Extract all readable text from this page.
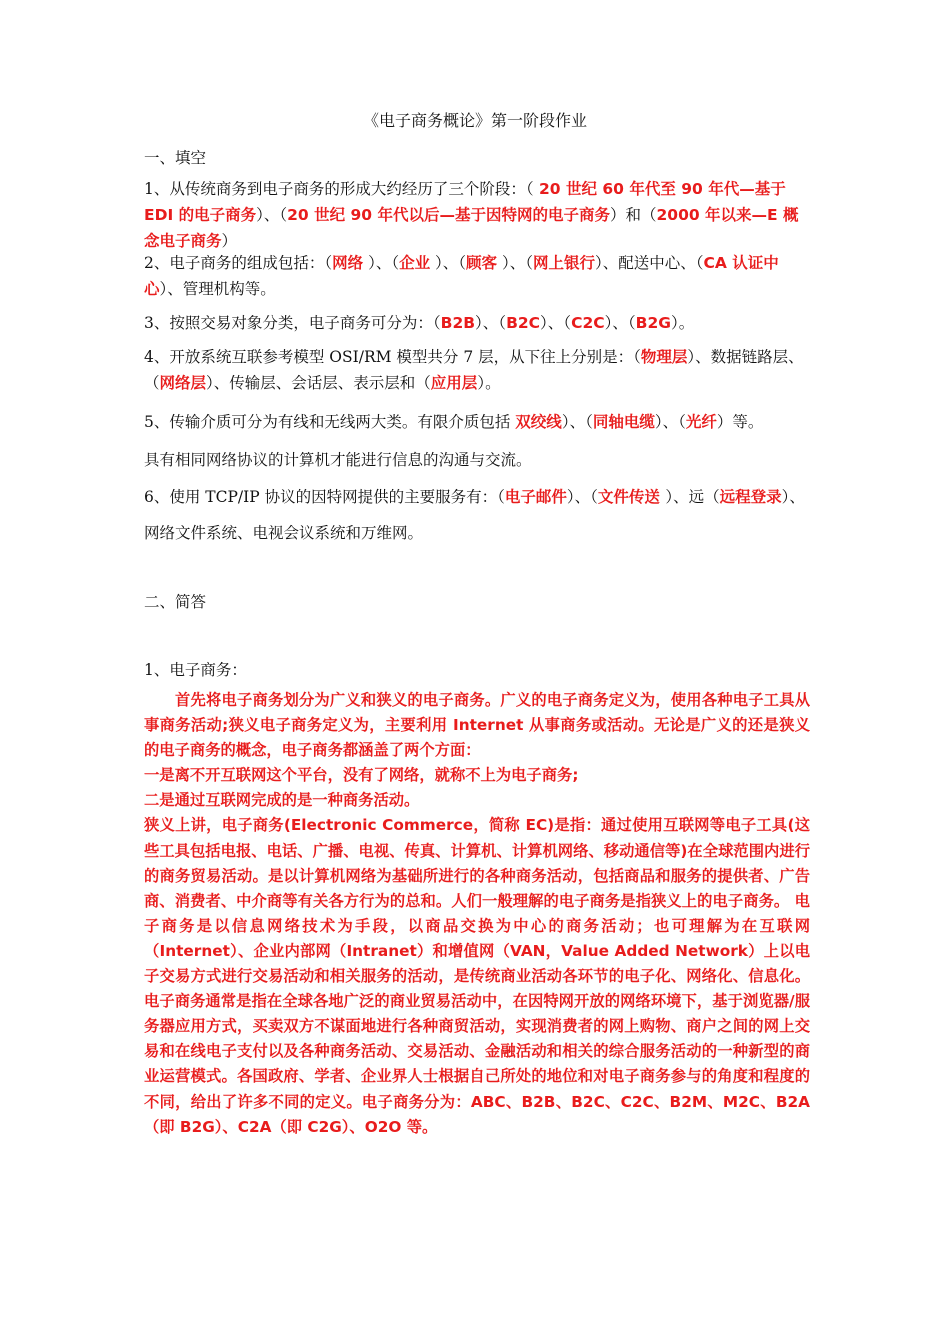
《电子商务概论》第一阶段作业
一、填空
1、从传统商务到电子商务的形成大约经历了三个阶段：（ 20 世纪 60 年代至 90 年代—基于 EDI 的电子商务）、（20 世纪 90 年代以后—基于因特网的电子商务）和（2000 年以来—E 概念电子商务）
2、电子商务的组成包括：（网络 ）、（企业 ）、（顾客 ）、（网上银行）、配送中心、（CA 认证中心）、管理机构等。
3、按照交易对象分类，电子商务可分为：（B2B）、（B2C）、（C2C）、（B2G）。
4、开放系统互联参考模型 OSI/RM 模型共分 7 层，从下往上分别是：（物理层）、数据链路层、（网络层）、传输层、会话层、表示层和（应用层）。
5、传输介质可分为有线和无线两大类。有限介质包括 双绞线）、（同轴电缆）、（光纤）等。
具有相同网络协议的计算机才能进行信息的沟通与交流。
6、使用 TCP/IP 协议的因特网提供的主要服务有：（电子邮件）、（文件传送 ）、远（远程登录）、网络文件系统、电视会议系统和万维网。
二、简答
1、电子商务：
首先将电子商务划分为广义和狭义的电子商务。广义的电子商务定义为，使用各种电子工具从事商务活动;狭义电子商务定义为，主要利用 Internet 从事商务或活动。无论是广义的还是狭义的电子商务的概念，电子商务都涵盖了两个方面：
一是离不开互联网这个平台，没有了网络，就称不上为电子商务;
二是通过互联网完成的是一种商务活动。
狭义上讲，电子商务(Electronic Commerce，简称 EC)是指：通过使用互联网等电子工具(这些工具包括电报、电话、广播、电视、传真、计算机、计算机网络、移动通信等)在全球范围内进行的商务贸易活动。是以计算机网络为基础所进行的各种商务活动，包括商品和服务的提供者、广告商、消费者、中介商等有关各方行为的总和。人们一般理解的电子商务是指狭义上的电子商务。 电子商务是以信息网络技术为手段，以商品交换为中心的商务活动；也可理解为在互联网（Internet）、企业内部网（Intranet）和增值网（VAN，Value Added Network）上以电子交易方式进行交易活动和相关服务的活动，是传统商业活动各环节的电子化、网络化、信息化。 电子商务通常是指在全球各地广泛的商业贸易活动中，在因特网开放的网络环境下，基于浏览器/服务器应用方式，买卖双方不谋面地进行各种商贸活动，实现消费者的网上购物、商户之间的网上交易和在线电子支付以及各种商务活动、交易活动、金融活动和相关的综合服务活动的一种新型的商业运营模式。各国政府、学者、企业界人士根据自己所处的地位和对电子商务参与的角度和程度的不同，给出了许多不同的定义。电子商务分为：ABC、B2B、B2C、C2C、B2M、M2C、B2A（即 B2G）、C2A（即 C2G）、O2O 等。
